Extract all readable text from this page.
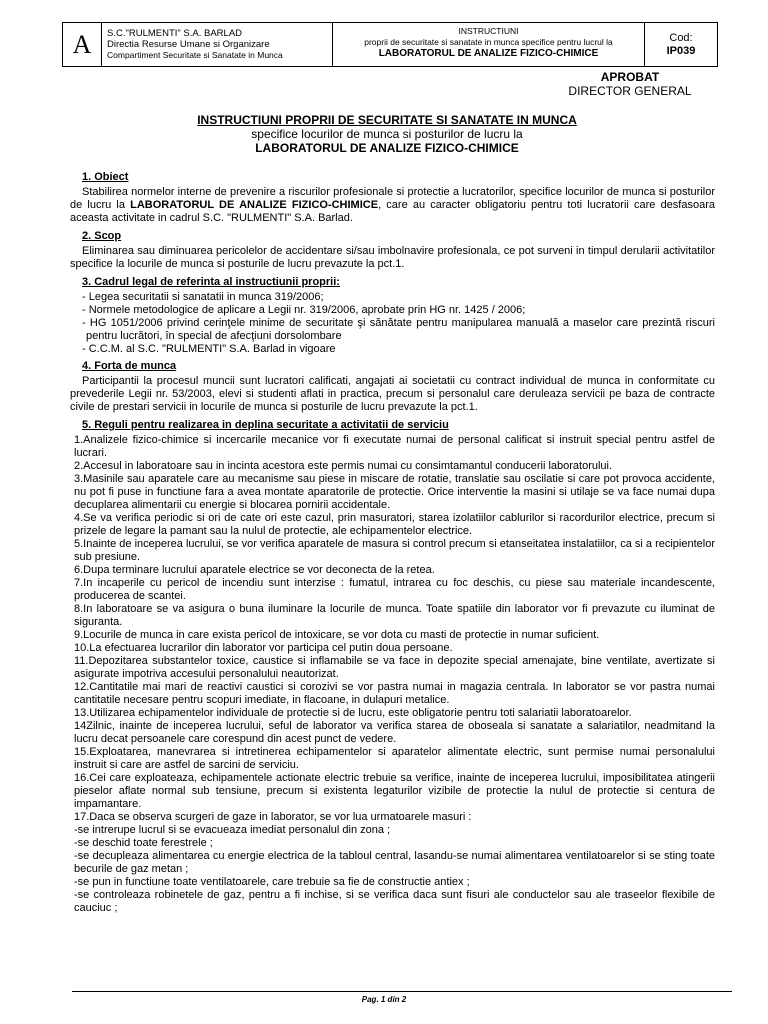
A S.C."RULMENTI" S.A. BARLAD
Directia Resurse Umane si Organizare
Compartiment Securitate si Sanatate in Munca
INSTRUCTIUNI
proprii de securitate si sanatate in munca specifice pentru lucrul la
LABORATORUL DE ANALIZE FIZICO-CHIMICE
Cod:
IP039
APROBAT
DIRECTOR GENERAL
INSTRUCTIUNI PROPRII DE SECURITATE SI SANATATE IN MUNCA
specifice locurilor de munca si posturilor de lucru la
LABORATORUL DE ANALIZE FIZICO-CHIMICE
1. Obiect

Stabilirea normelor interne de prevenire a riscurilor profesionale si protectie a lucratorilor, specifice locurilor de munca si posturilor de lucru la LABORATORUL DE ANALIZE FIZICO-CHIMICE, care au caracter obligatoriu pentru toti lucratorii care desfasoara aceasta activitate in cadrul S.C. "RULMENTI" S.A. Barlad.

2. Scop

Eliminarea sau diminuarea pericolelor de accidentare si/sau imbolnavire profesionala, ce pot surveni in timpul derularii activitatilor specifice la locurile de munca si posturile de lucru prevazute la pct.1.

3. Cadrul legal de referinta al instructiunii proprii:
- Legea securitatii si sanatatii in munca 319/2006;
- Normele metodologice de aplicare a Legii nr. 319/2006, aprobate prin HG nr. 1425 / 2006;
- HG 1051/2006 privind cerinţele minime de securitate şi sănătate pentru manipularea manuală a maselor care prezintă riscuri pentru lucrători, în special de afecţiuni dorsolombare
- C.C.M. al S.C. "RULMENTI" S.A. Barlad in vigoare
4. Forta de munca

Participantii la procesul muncii sunt lucratori calificati, angajati ai societatii cu contract individual de munca in conformitate cu prevederile Legii nr. 53/2003, elevi si studenti aflati in practica, precum si personalul care deruleaza servicii pe baza de contracte civile de prestari servicii in locurile de munca si posturile de lucru prevazute la pct.1.

5. Reguli pentru realizarea in deplina securitate a activitatii de serviciu

1.Analizele fizico-chimice si incercarile mecanice vor fi executate numai de personal calificat si instruit special pentru astfel de lucrari.

2.Accesul in laboratoare sau in incinta acestora este permis numai cu consimtamantul conducerii laboratorului.

3.Masinile sau aparatele care au mecanisme sau piese in miscare de rotatie, translatie sau oscilatie si care pot provoca accidente, nu pot fi puse in functiune fara a avea montate aparatorile de protectie. Orice interventie la masini si utilaje se va face numai dupa decuplarea alimentarii cu energie si blocarea pornirii accidentale.

4.Se va verifica periodic si ori de cate ori este cazul, prin masuratori, starea izolatiilor cablurilor si racordurilor electrice, precum si prizele de legare la pamant sau la nulul de protectie, ale echipamentelor electrice.

5.Inainte de inceperea lucrului, se vor verifica aparatele de masura si control precum si etanseitatea instalatiilor, ca si a recipientelor sub presiune.

6.Dupa terminare lucrului aparatele electrice se vor deconecta de la retea.

7.In incaperile cu pericol de incendiu sunt interzise : fumatul, intrarea cu foc deschis, cu piese sau materiale incandescente, producerea de scantei.

8.In laboratoare se va asigura o buna iluminare la locurile de munca. Toate spatiile din laborator vor fi prevazute cu iluminat de siguranta.

9.Locurile de munca in care exista pericol de intoxicare, se vor dota cu masti de protectie in numar suficient.

10.La efectuarea lucrarilor din laborator vor participa cel putin doua persoane.

11.Depozitarea substantelor toxice, caustice si inflamabile se va face in depozite special amenajate, bine ventilate, avertizate si asigurate impotriva accesului personalului neautorizat.

12.Cantitatile mai mari de reactivi caustici si corozivi se vor pastra numai in magazia centrala. In laborator se vor pastra numai cantitatile necesare pentru scopuri imediate, in flacoane, in dulapuri metalice.

13.Utilizarea echipamentelor individuale de protectie si de lucru, este obligatorie pentru toti salariatii laboratoarelor.

14Zilnic, inainte de inceperea lucrului, seful de laborator va verifica starea de oboseala si sanatate a salariatilor, neadmitand la lucru decat persoanele care corespund din acest punct de vedere.

15.Exploatarea, manevrarea si intretinerea echipamentelor si aparatelor alimentate electric, sunt permise numai personalului instruit si care are astfel de sarcini de serviciu.

16.Cei care exploateaza, echipamentele actionate electric trebuie sa verifice, inainte de inceperea lucrului, imposibilitatea atingerii pieselor aflate normal sub tensiune, precum si existenta legaturilor vizibile de protectie la nulul de protectie si centura de impamantare.

17.Daca se observa scurgeri de gaze in laborator, se vor lua urmatoarele masuri :

-se intrerupe lucrul si se evacueaza imediat personalul din zona ;

-se deschid toate ferestrele ;

-se decupleaza alimentarea cu energie electrica de la tabloul central, lasandu-se numai alimentarea ventilatoarelor si se sting toate becurile de gaz metan ;

-se pun in functiune toate ventilatoarele, care trebuie sa fie de constructie antiex ;

-se controleaza robinetele de gaz, pentru a fi inchise, si se verifica daca sunt fisuri ale conductelor sau ale traseelor flexibile de cauciuc ;

Pag. 1 din 2
